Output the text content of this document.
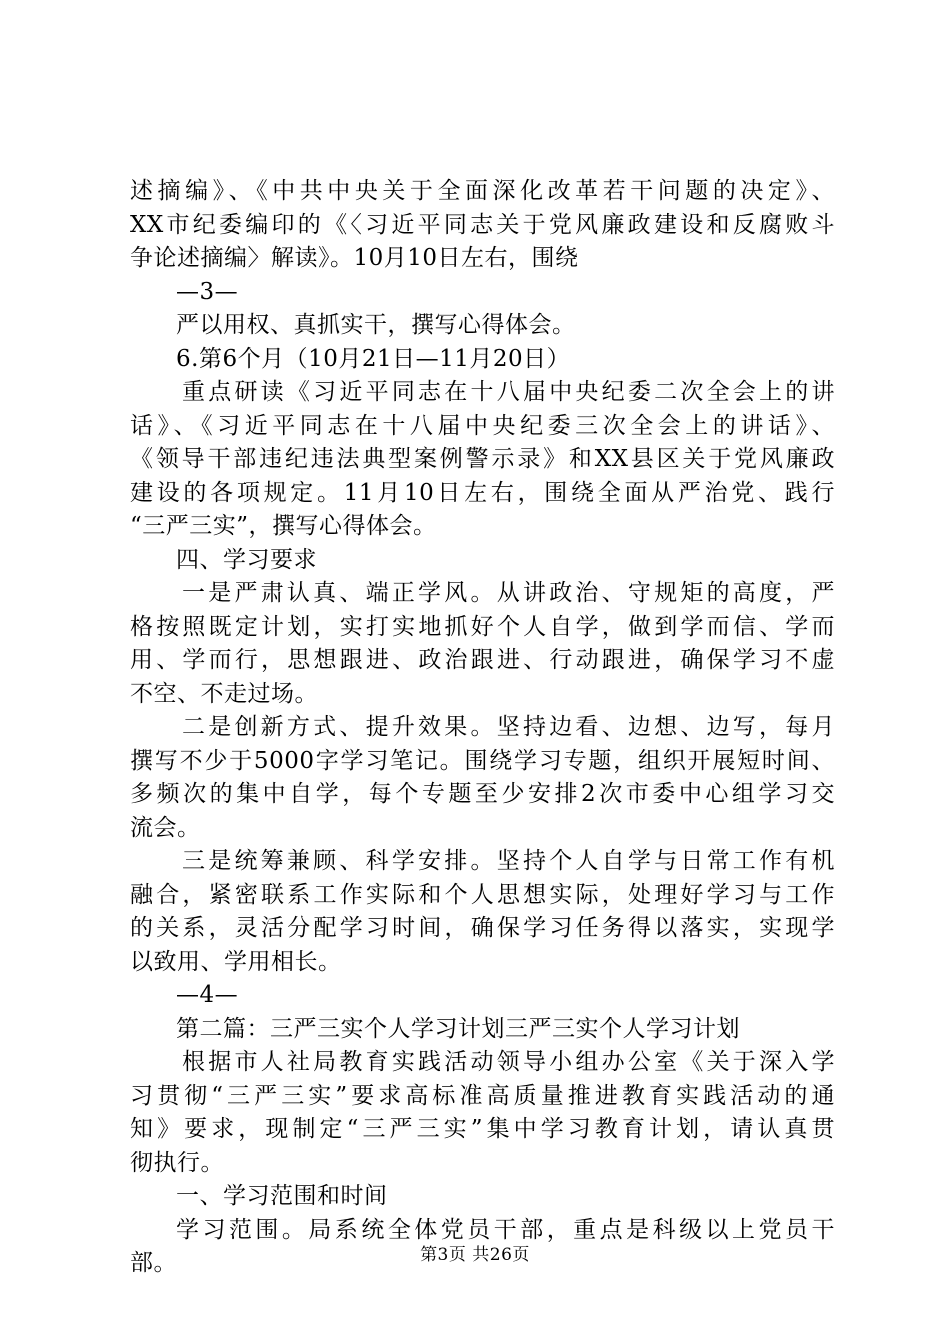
述摘编》、《中共中央关于全面深化改革若干问题的决定》、
XX市纪委编印的《〈习近平同志关于党风廉政建设和反腐败斗
争论述摘编〉解读》。10月10日左右，围绕
—3—
严以用权、真抓实干，撰写心得体会。
6.第6个月（10月21日—11月20日）
重点研读《习近平同志在十八届中央纪委二次全会上的讲
话》、《习近平同志在十八届中央纪委三次全会上的讲话》、
《领导干部违纪违法典型案例警示录》和XX县区关于党风廉政
建设的各项规定。11月10日左右，围绕全面从严治党、践行
“三严三实”，撰写心得体会。
四、学习要求
一是严肃认真、端正学风。从讲政治、守规矩的高度，严
格按照既定计划，实打实地抓好个人自学，做到学而信、学而
用、学而行，思想跟进、政治跟进、行动跟进，确保学习不虚
不空、不走过场。
二是创新方式、提升效果。坚持边看、边想、边写，每月
撰写不少于5000字学习笔记。围绕学习专题，组织开展短时间、
多频次的集中自学，每个专题至少安排2次市委中心组学习交
流会。
三是统筹兼顾、科学安排。坚持个人自学与日常工作有机
融合，紧密联系工作实际和个人思想实际，处理好学习与工作
的关系，灵活分配学习时间，确保学习任务得以落实，实现学
以致用、学用相长。
—4—
第二篇：三严三实个人学习计划三严三实个人学习计划
根据市人社局教育实践活动领导小组办公室《关于深入学
习贯彻“三严三实”要求高标准高质量推进教育实践活动的通
知》要求，现制定“三严三实”集中学习教育计划，请认真贯
彻执行。
一、学习范围和时间
学习范围。局系统全体党员干部，重点是科级以上党员干
部。	第3页 共26页
